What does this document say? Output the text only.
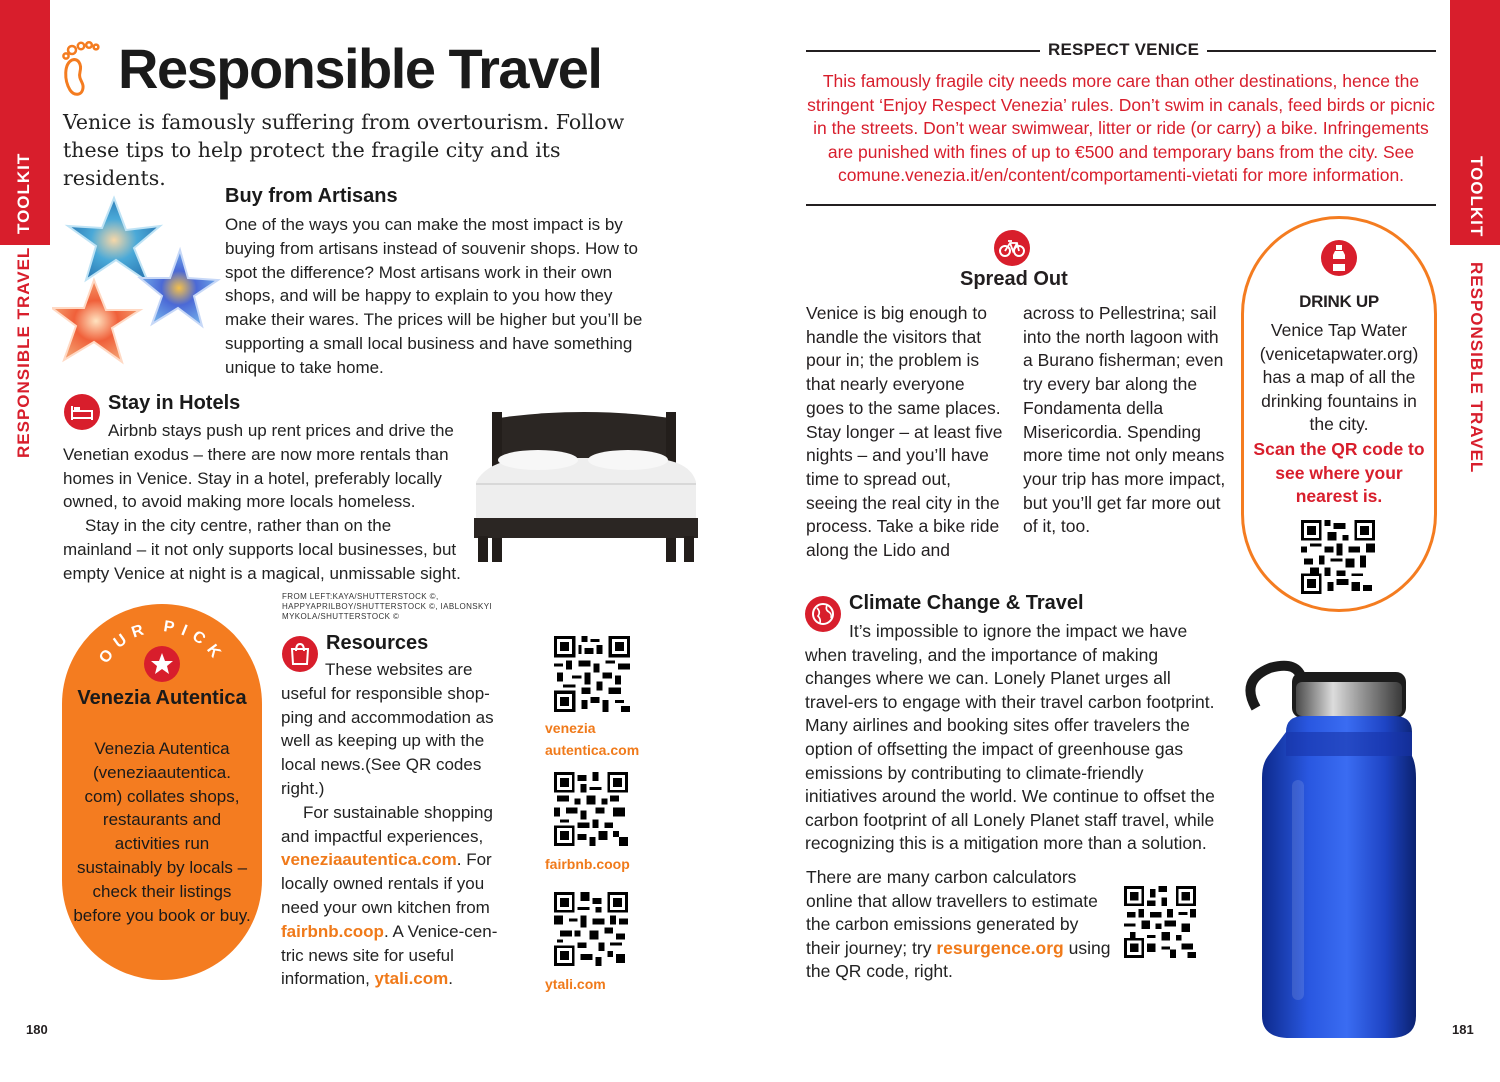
TOOLKIT
RESPONSIBLE TRAVEL
TOOLKIT
RESPONSIBLE TRAVEL
180	181
Responsible Travel
Venice is famously suffering from overtourism. Follow these tips to help protect the fragile city and its residents.
Buy from Artisans
One of the ways you can make the most impact is by buying from artisans instead of souvenir shops. How to spot the difference? Most artisans work in their own shops, and will be happy to explain to you how they make their wares. The prices will be higher but you’ll be supporting a small local business and have something unique to take home.
Stay in Hotels

Airbnb stays push up rent prices and drive the Venetian exodus – there are now more rentals than homes in Venice. Stay in a hotel, preferably locally owned, to avoid making more locals homeless.

Stay in the city centre, rather than on the mainland – it not only supports local businesses, but empty Venice at night is a magical, unmissable sight.

FROM LEFT:KAYA/SHUTTERSTOCK ©, HAPPYAPRILBOY/SHUTTERSTOCK ©, IABLONSKYI MYKOLA/SHUTTERSTOCK ©
OUR PICK
Venezia Autentica
Venezia Autentica (veneziaautentica. com) collates shops, restaurants and activities run sustainably by locals – check their listings before you book or buy.
Resources

These websites are useful for responsible shop-ping and accommodation as well as keeping up with the local news.(See QR codes right.)

For sustainable shopping and impactful experiences, veneziaautentica.com. For locally owned rentals if you need your own kitchen from fairbnb.coop. A Venice-cen-tric news site for useful information, ytali.com.

venezia
autentica.com
fairbnb.coop
ytali.com
RESPECT VENICE
This famously fragile city needs more care than other destinations, hence the stringent ‘Enjoy Respect Venezia’ rules. Don’t swim in canals, feed birds or picnic in the streets. Don’t wear swimwear, litter or ride (or carry) a bike. Infringements are punished with fines of up to €500 and temporary bans from the city. See comune.venezia.it/en/content/comportamenti-vietati for more information.
Spread Out
Venice is big enough to handle the visitors that pour in; the problem is that nearly everyone goes to the same places. Stay longer – at least five nights – and you’ll have time to spread out, seeing the real city in the process. Take a bike ride along the Lido and
across to Pellestrina; sail into the north lagoon with a Burano fisherman; even try every bar along the Fondamenta della Misericordia. Spending more time not only means your trip has more impact, but you’ll get far more out of it, too.
DRINK UP
Venice Tap Water (venicetapwater.org) has a map of all the drinking fountains in the city.
Scan the QR code to see where your nearest is.
Climate Change & Travel
It’s impossible to ignore the impact we have when traveling, and the importance of making changes where we can. Lonely Planet urges all travel-ers to engage with their travel carbon footprint. Many airlines and booking sites offer travelers the option of offsetting the impact of greenhouse gas emissions by contributing to climate-friendly initiatives around the world. We continue to offset the carbon footprint of all Lonely Planet staff travel, while recognizing this is a mitigation more than a solution.
There are many carbon calculators online that allow travellers to estimate the carbon emissions generated by their journey; try resurgence.org using the QR code, right.
